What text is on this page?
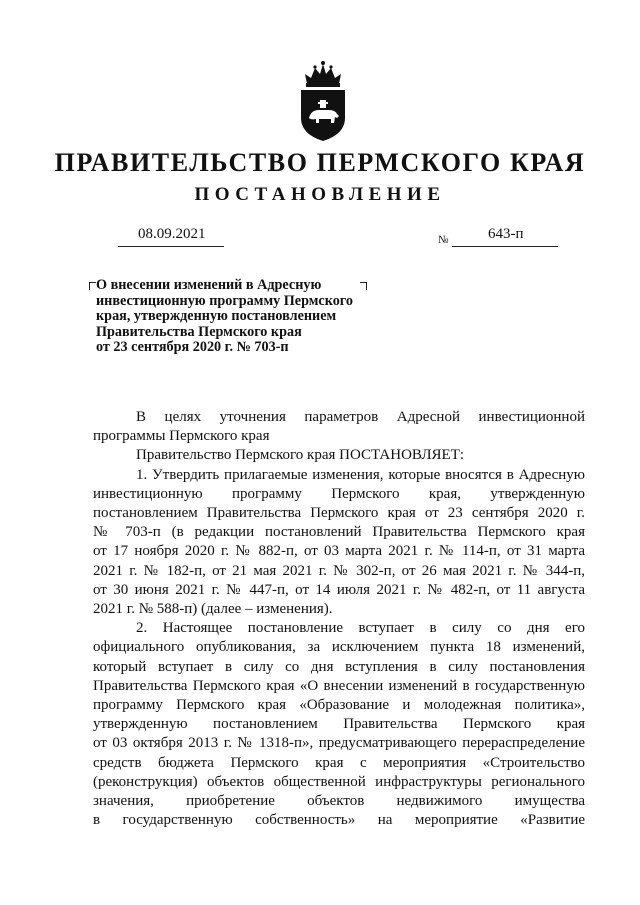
ПРАВИТЕЛЬСТВО ПЕРМСКОГО КРАЯ
ПОСТАНОВЛЕНИЕ
08.09.2021	№	643-п
О внесении изменений в Адресную
инвестиционную программу Пермского
края, утвержденную постановлением
Правительства Пермского края
от 23 сентября 2020 г. № 703-п

В целях уточнения параметров Адресной инвестиционной

программы Пермского края

Правительство Пермского края ПОСТАНОВЛЯЕТ:

1. Утвердить прилагаемые изменения, которые вносятся в Адресную

инвестиционную программу Пермского края, утвержденную

постановлением Правительства Пермского края от 23 сентября 2020 г.

№ 703-п (в редакции постановлений Правительства Пермского края

от 17 ноября 2020 г. № 882-п, от 03 марта 2021 г. № 114-п, от 31 марта

2021 г. № 182-п, от 21 мая 2021 г. № 302-п, от 26 мая 2021 г. № 344-п,

от 30 июня 2021 г. № 447-п, от 14 июля 2021 г. № 482-п, от 11 августа

2021 г. № 588-п) (далее – изменения).

2. Настоящее постановление вступает в силу со дня его

официального опубликования, за исключением пункта 18 изменений,

который вступает в силу со дня вступления в силу постановления

Правительства Пермского края «О внесении изменений в государственную

программу Пермского края «Образование и молодежная политика»,

утвержденную постановлением Правительства Пермского края

от 03 октября 2013 г. № 1318-п», предусматривающего перераспределение

средств бюджета Пермского края с мероприятия «Строительство

(реконструкция) объектов общественной инфраструктуры регионального

значения, приобретение объектов недвижимого имущества

в государственную собственность» на мероприятие «Развитие
